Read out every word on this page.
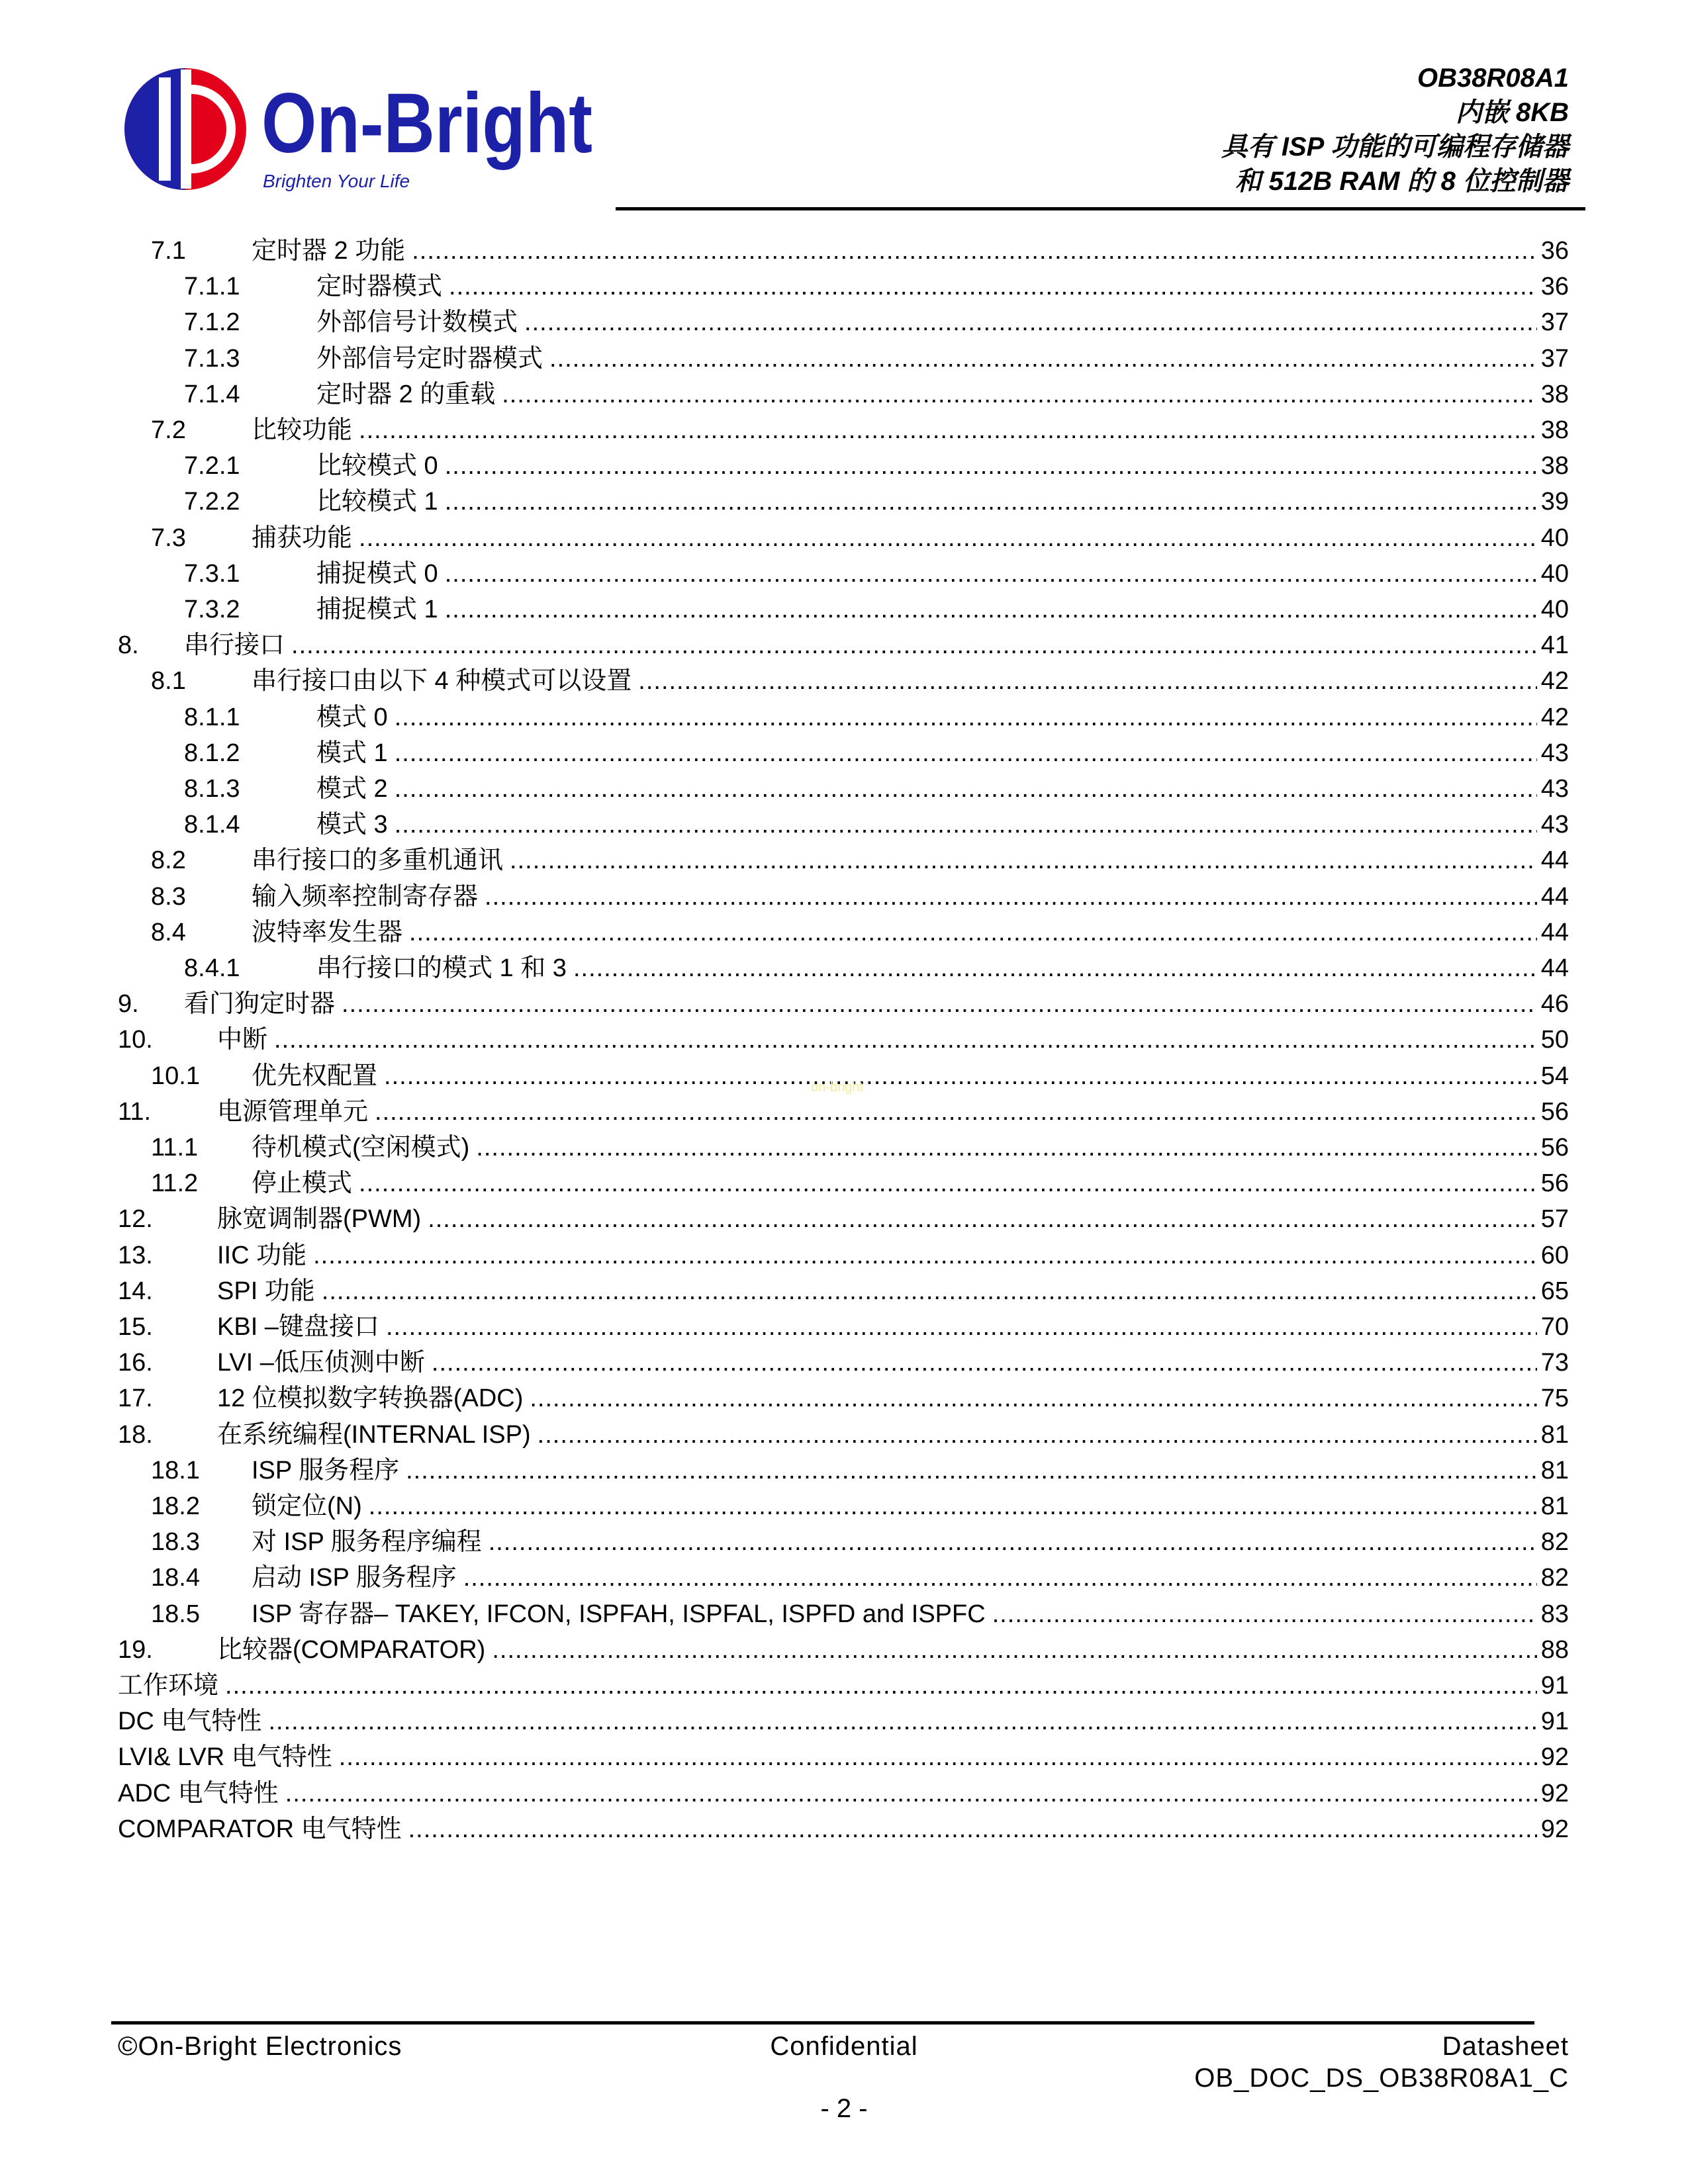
On-Bright
Brighten Your Life
OB38R08A1
内嵌 8KB
具有 ISP 功能的可编程存储器
和 512B RAM 的 8 位控制器
7.1	定时器 2 功能 .....	36
7.1.1	定时器模式 .....	36
7.1.2	外部信号计数模式 .....	37
7.1.3	外部信号定时器模式 .....	37
7.1.4	定时器 2 的重载 .....	38
7.2	比较功能 .....	38
7.2.1	比较模式 0 .....	38
7.2.2	比较模式 1 .....	39
7.3	捕获功能 .....	40
7.3.1	捕捉模式 0 .....	40
7.3.2	捕捉模式 1 .....	40
8.	串行接口 .....	41
8.1	串行接口由以下 4 种模式可以设置 .....	42
8.1.1	模式 0 .....	42
8.1.2	模式 1 .....	43
8.1.3	模式 2 .....	43
8.1.4	模式 3 .....	43
8.2	串行接口的多重机通讯 .....	44
8.3	输入频率控制寄存器 .....	44
8.4	波特率发生器 .....	44
8.4.1	串行接口的模式 1 和 3 .....	44
9.	看门狗定时器 .....	46
10.	中断 .....	50
10.1	优先权配置 .....	54
11.	电源管理单元 .....	56
11.1	待机模式(空闲模式) .....	56
11.2	停止模式 .....	56
12.	脉宽调制器(PWM) .....	57
13.	IIC 功能 .....	60
14.	SPI 功能 .....	65
15.	KBI –键盘接口 .....	70
16.	LVI –低压侦测中断 .....	73
17.	12 位模拟数字转换器(ADC) .....	75
18.	在系统编程(INTERNAL ISP) .....	81
18.1	ISP 服务程序 .....	81
18.2	锁定位(N) .....	81
18.3	对 ISP 服务程序编程 .....	82
18.4	启动 ISP 服务程序 .....	82
18.5	ISP 寄存器– TAKEY, IFCON, ISPFAH, ISPFAL, ISPFD and ISPFC .....	83
19.	比较器(COMPARATOR) .....	88
工作环境 .....	91
DC 电气特性 .....	91
LVI& LVR 电气特性 .....	92
ADC 电气特性 .....	92
COMPARATOR 电气特性 .....	92
on-bright
©On-Bright Electronics	Confidential	Datasheet
OB_DOC_DS_OB38R08A1_C
- 2 -
